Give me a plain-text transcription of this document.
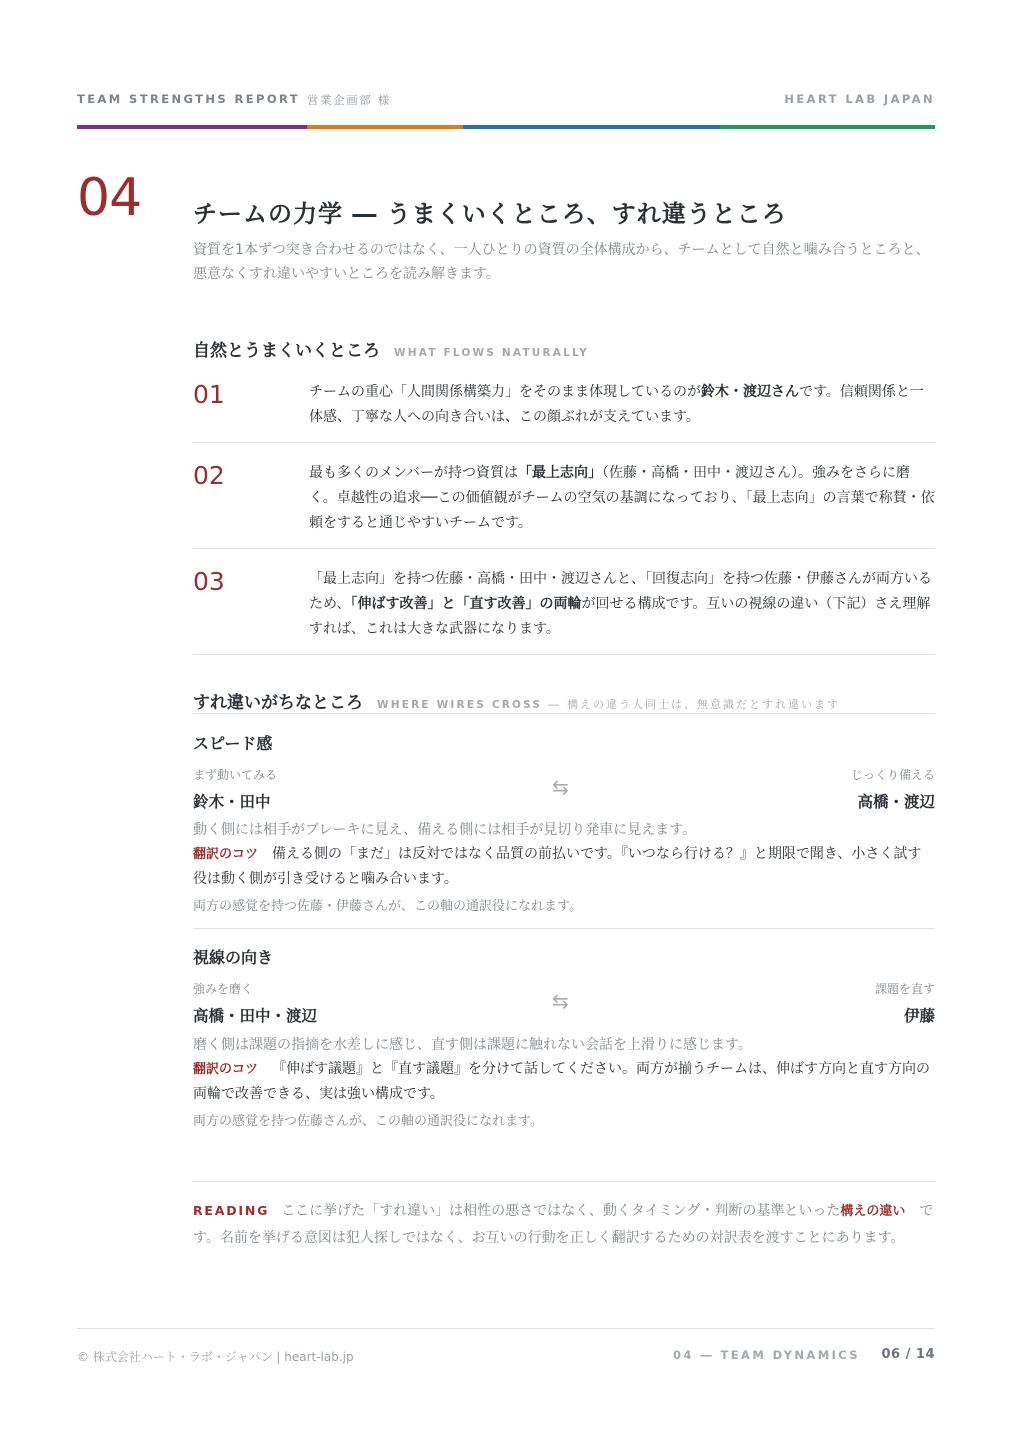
TEAM STRENGTHS REPORT 営業企画部 様	HEART LAB JAPAN
04 チームの力学 ― うまくいくところ、すれ違うところ
資質を1本ずつ突き合わせるのではなく、一人ひとりの資質の全体構成から、チームとして自然と噛み合うところと、悪意なくすれ違いやすいところを読み解きます。
自然とうまくいくところ WHAT FLOWS NATURALLY
01	チームの重心「人間関係構築力」をそのまま体現しているのが鈴木・渡辺さんです。信頼関係と一体感、丁寧な人への向き合いは、この顔ぶれが支えています。
02	最も多くのメンバーが持つ資質は「最上志向」（佐藤・高橋・田中・渡辺さん）。強みをさらに磨く。卓越性の追求──この価値観がチームの空気の基調になっており、「最上志向」の言葉で称賛・依頼をすると通じやすいチームです。
03	「最上志向」を持つ佐藤・高橋・田中・渡辺さんと、「回復志向」を持つ佐藤・伊藤さんが両方いるため、「伸ばす改善」と「直す改善」の両輪が回せる構成です。互いの視線の違い（下記）さえ理解すれば、これは大きな武器になります。
すれ違いがちなところ WHERE WIRES CROSS ― 構えの違う人同士は、無意識だとすれ違います
スピード感
まず動いてみる	じっくり備える
⇆
鈴木・田中	高橋・渡辺
動く側には相手がブレーキに見え、備える側には相手が見切り発車に見えます。
翻訳のコツ 備える側の「まだ」は反対ではなく品質の前払いです。『いつなら行ける？』と期限で聞き、小さく試す役は動く側が引き受けると噛み合います。
両方の感覚を持つ佐藤・伊藤さんが、この軸の通訳役になれます。
視線の向き
強みを磨く	課題を直す
⇆
高橋・田中・渡辺	伊藤
磨く側は課題の指摘を水差しに感じ、直す側は課題に触れない会話を上滑りに感じます。
翻訳のコツ 『伸ばす議題』と『直す議題』を分けて話してください。両方が揃うチームは、伸ばす方向と直す方向の両輪で改善できる、実は強い構成です。
両方の感覚を持つ佐藤さんが、この軸の通訳役になれます。
READING ここに挙げた「すれ違い」は相性の悪さではなく、動くタイミング・判断の基準といった構えの違い　 です。名前を挙げる意図は犯人探しではなく、お互いの行動を正しく翻訳するための対訳表を渡すことにあります。
© 株式会社ハート・ラボ・ジャパン | heart-lab.jp	04 ― TEAM DYNAMICS 06 / 14
